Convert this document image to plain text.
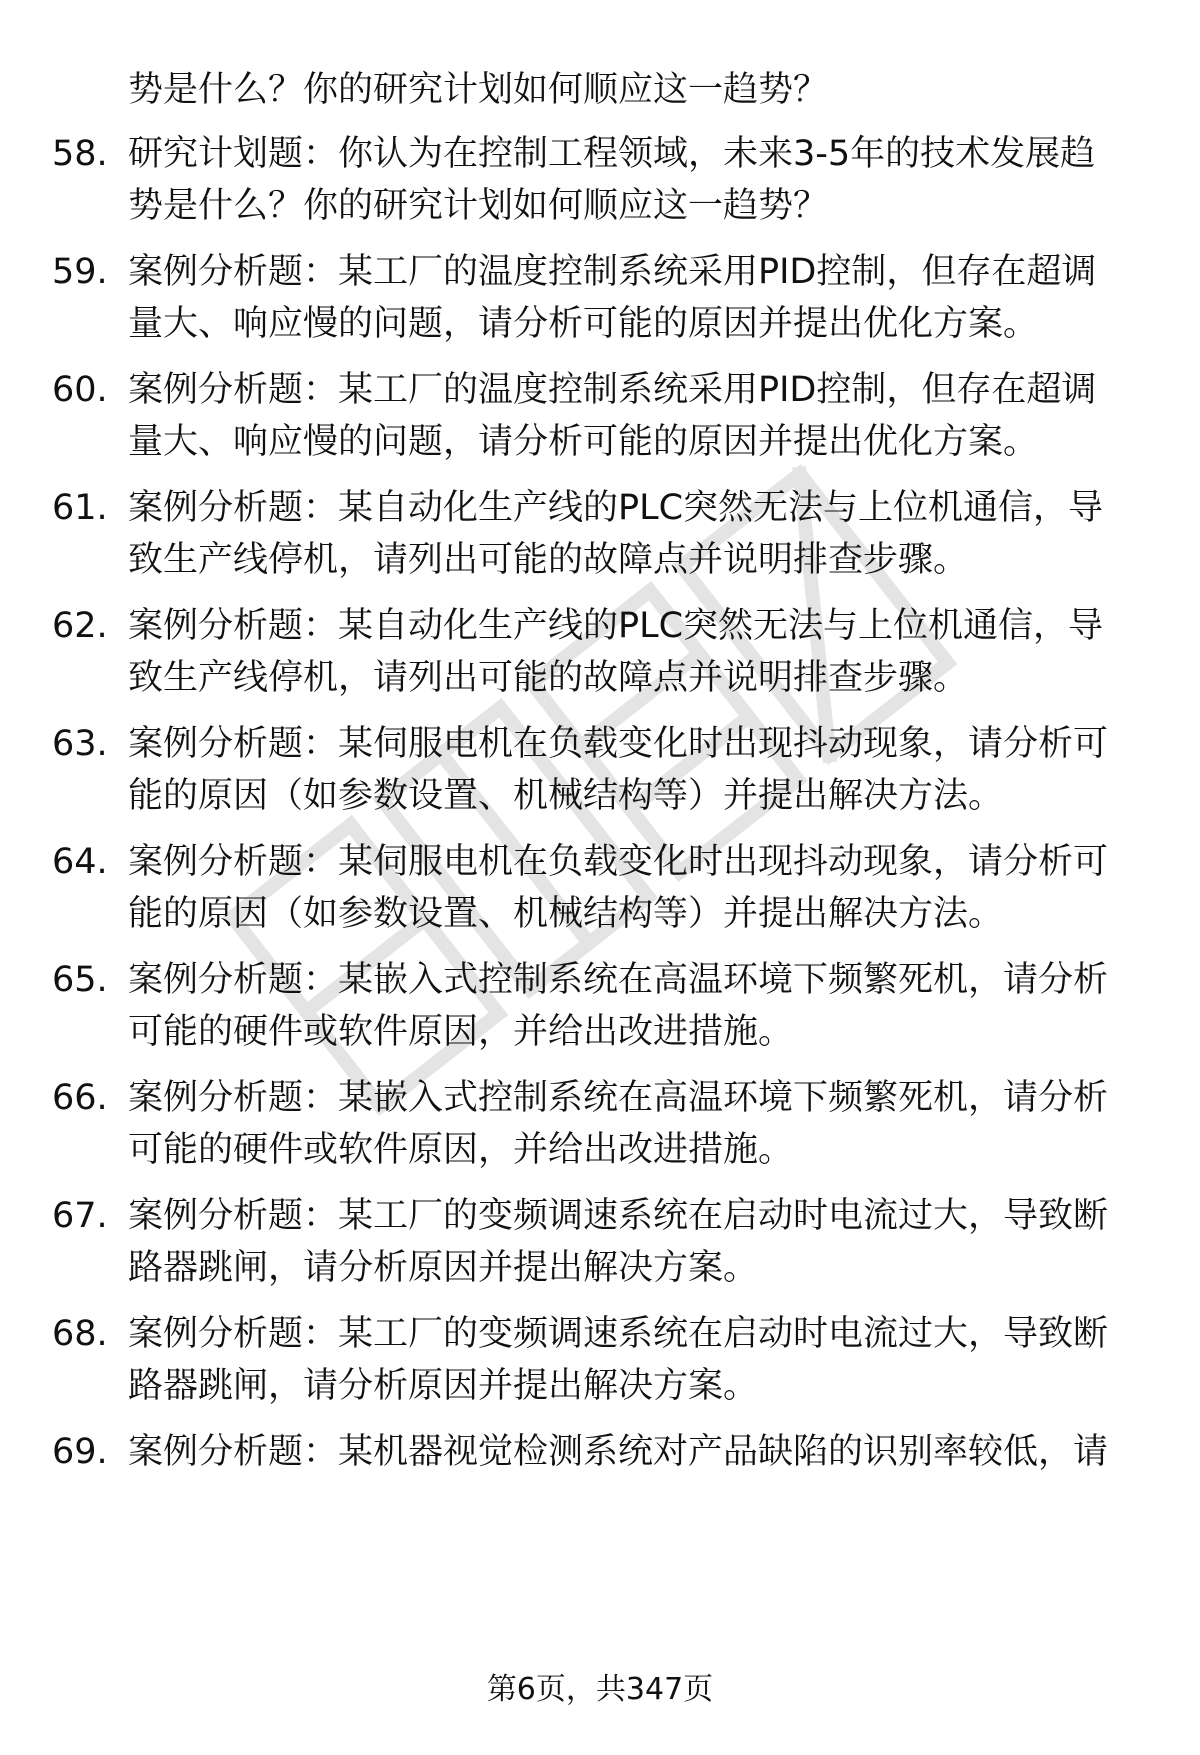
势是什么？你的研究计划如何顺应这一趋势？
58. 研究计划题：你认为在控制工程领域，未来3-5年的技术发展趋
势是什么？你的研究计划如何顺应这一趋势？
59. 案例分析题：某工厂的温度控制系统采用PID控制，但存在超调
量大、响应慢的问题，请分析可能的原因并提出优化方案。
60. 案例分析题：某工厂的温度控制系统采用PID控制，但存在超调
量大、响应慢的问题，请分析可能的原因并提出优化方案。
61. 案例分析题：某自动化生产线的PLC突然无法与上位机通信，导
致生产线停机，请列出可能的故障点并说明排查步骤。
62. 案例分析题：某自动化生产线的PLC突然无法与上位机通信，导
致生产线停机，请列出可能的故障点并说明排查步骤。
63. 案例分析题：某伺服电机在负载变化时出现抖动现象，请分析可
能的原因（如参数设置、机械结构等）并提出解决方法。
64. 案例分析题：某伺服电机在负载变化时出现抖动现象，请分析可
能的原因（如参数设置、机械结构等）并提出解决方法。
65. 案例分析题：某嵌入式控制系统在高温环境下频繁死机，请分析
可能的硬件或软件原因，并给出改进措施。
66. 案例分析题：某嵌入式控制系统在高温环境下频繁死机，请分析
可能的硬件或软件原因，并给出改进措施。
67. 案例分析题：某工厂的变频调速系统在启动时电流过大，导致断
路器跳闸，请分析原因并提出解决方案。
68. 案例分析题：某工厂的变频调速系统在启动时电流过大，导致断
路器跳闸，请分析原因并提出解决方案。
69. 案例分析题：某机器视觉检测系统对产品缺陷的识别率较低，请
第6页，共347页
